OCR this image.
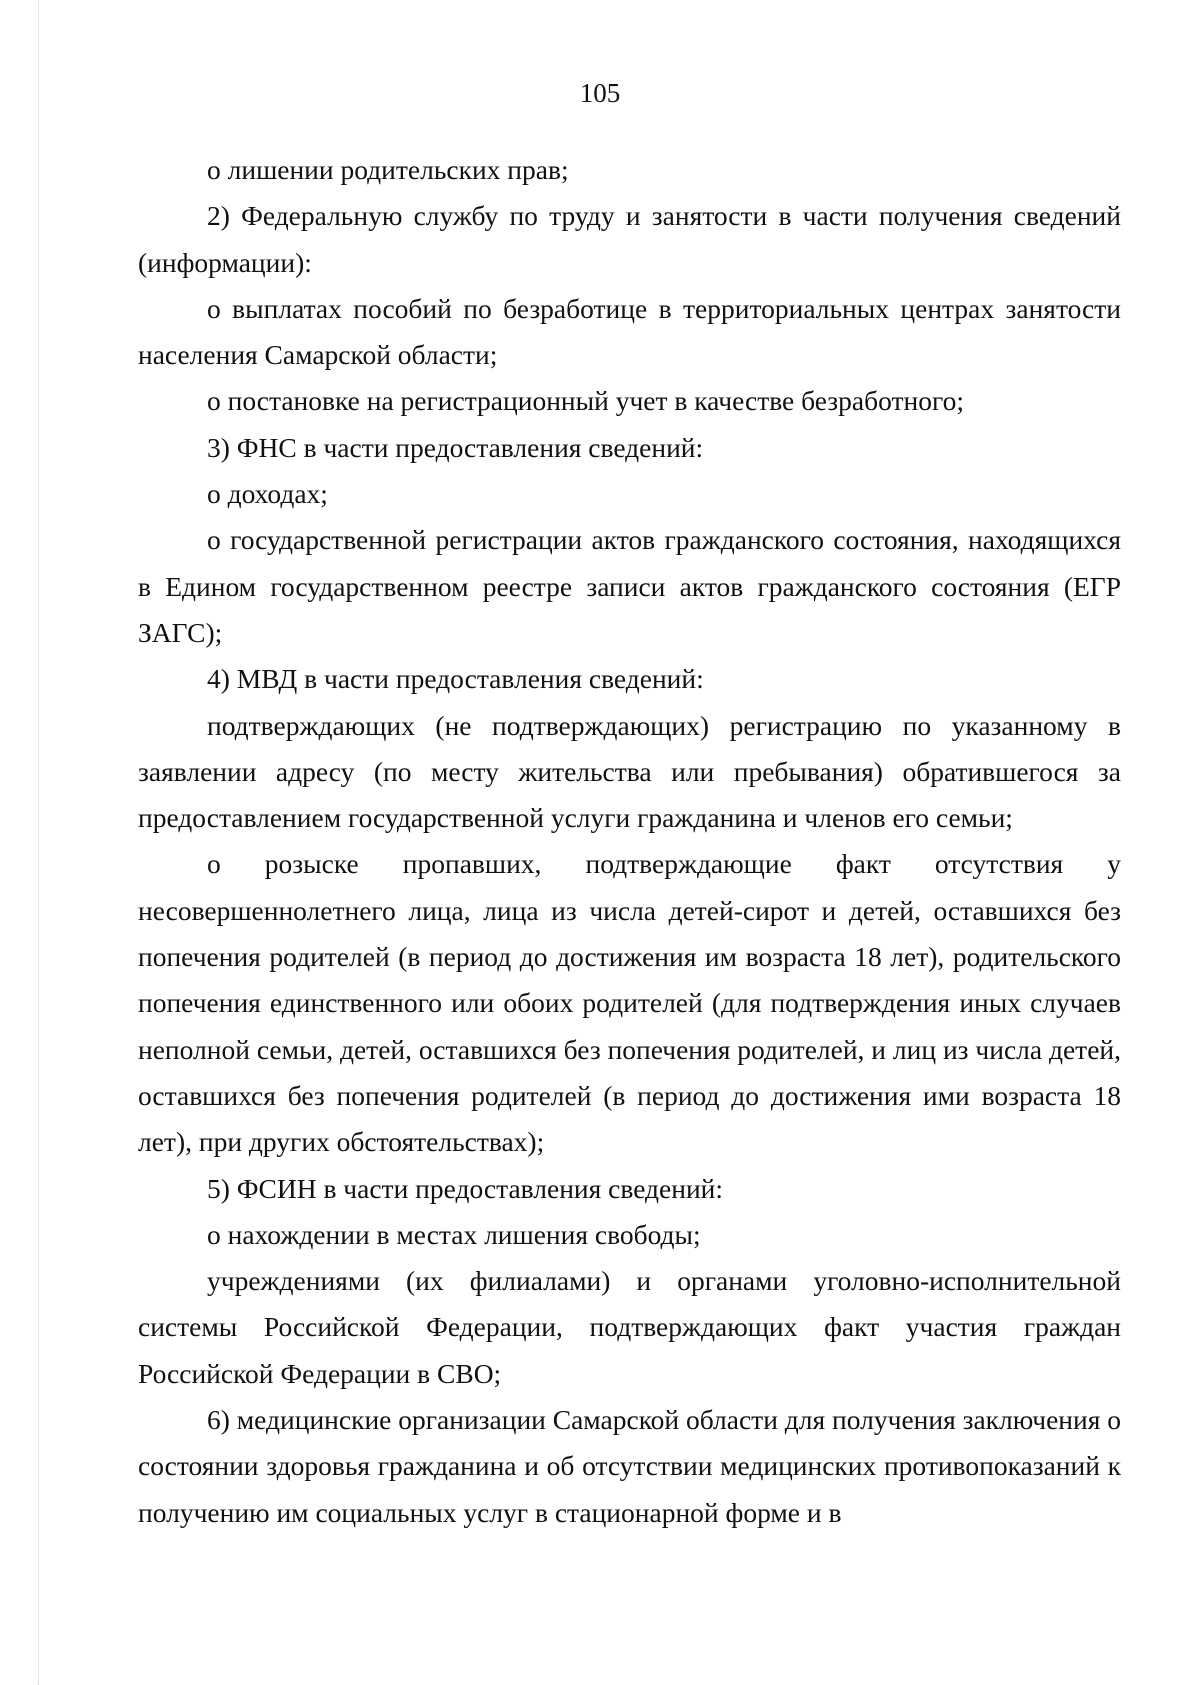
105

о лишении родительских прав;

2) Федеральную службу по труду и занятости в части получения сведений (информации):

о выплатах пособий по безработице в территориальных центрах занятости населения Самарской области;

о постановке на регистрационный учет в качестве безработного;

3) ФНС в части предоставления сведений:

о доходах;

о государственной регистрации актов гражданского состояния, находящихся в Едином государственном реестре записи актов гражданского состояния (ЕГР ЗАГС);

4) МВД в части предоставления сведений:

подтверждающих (не подтверждающих) регистрацию по указанному в заявлении адресу (по месту жительства или пребывания) обратившегося за предоставлением государственной услуги гражданина и членов его семьи;

о розыске пропавших, подтверждающие факт отсутствия у несовершеннолетнего лица, лица из числа детей-сирот и детей, оставшихся без попечения родителей (в период до достижения им возраста 18 лет), родительского попечения единственного или обоих родителей (для подтверждения иных случаев неполной семьи, детей, оставшихся без попечения родителей, и лиц из числа детей, оставшихся без попечения родителей (в период до достижения ими возраста 18 лет), при других обстоятельствах);

5) ФСИН в части предоставления сведений:

о нахождении в местах лишения свободы;

учреждениями (их филиалами) и органами уголовно-исполнительной системы Российской Федерации, подтверждающих факт участия граждан Российской Федерации в СВО;

6) медицинские организации Самарской области для получения заключения о состоянии здоровья гражданина и об отсутствии медицинских противопоказаний к получению им социальных услуг в стационарной форме и в
